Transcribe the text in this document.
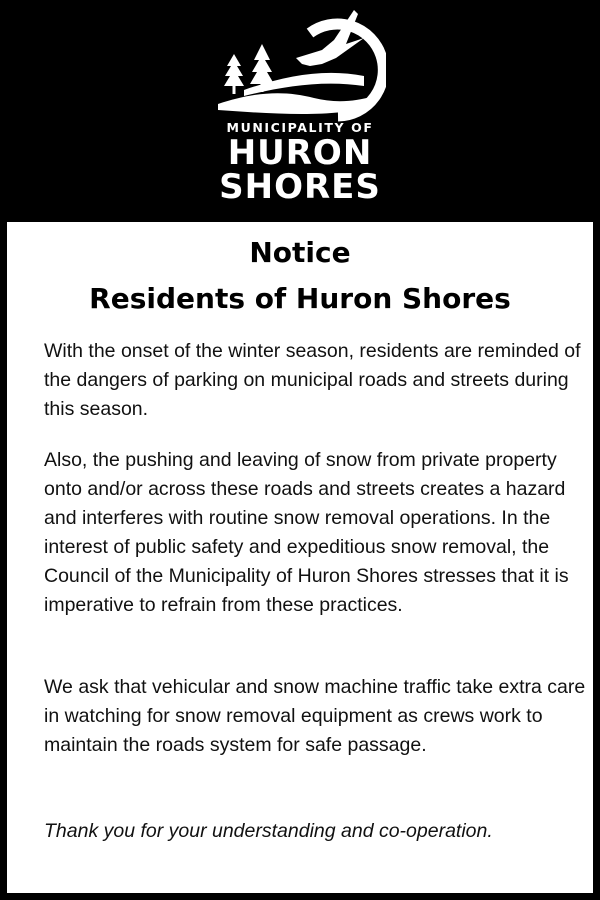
MUNICIPALITY OF
HURON
SHORES
Notice
Residents of Huron Shores
With the onset of the winter season, residents are reminded of the dangers of parking on municipal roads and streets during this season.
Also, the pushing and leaving of snow from private property onto and/or across these roads and streets creates a hazard and interferes with routine snow removal operations. In the interest of public safety and expeditious snow removal, the Council of the Municipality of Huron Shores stresses that it is imperative to refrain from these practices.
We ask that vehicular and snow machine traffic take extra care in watching for snow removal equipment as crews work to maintain the roads system for safe passage.
Thank you for your understanding and co-operation.
